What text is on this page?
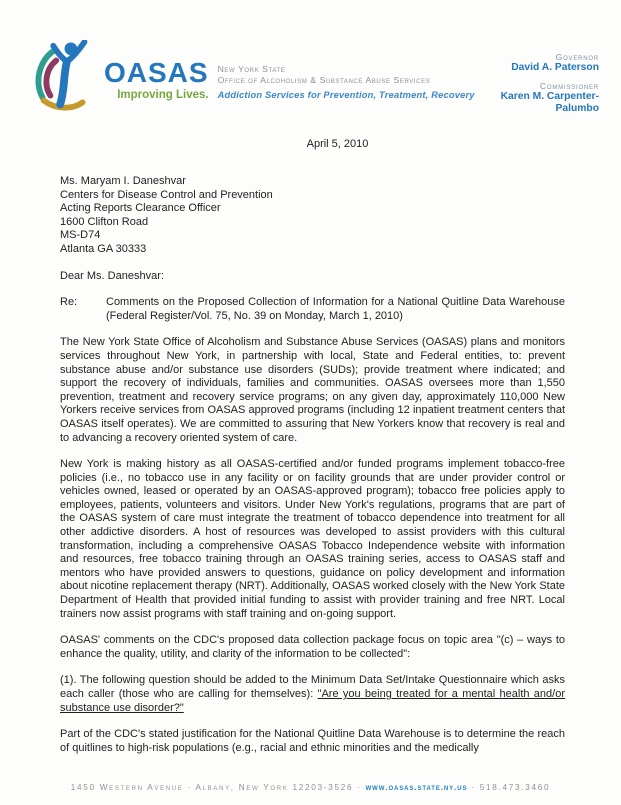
OASAS New York State
Office of Alcoholism & Substance Abuse Services
Improving Lives. Addiction Services for Prevention, Treatment, Recovery
Governor
David A. Paterson
Commissioner
Karen M. Carpenter-Palumbo
April 5, 2010
Ms. Maryam I. Daneshvar
Centers for Disease Control and Prevention
Acting Reports Clearance Officer
1600 Clifton Road
MS-D74
Atlanta GA 30333
Dear Ms. Daneshvar:
Re:	Comments on the Proposed Collection of Information for a National Quitline Data Warehouse (Federal Register/Vol. 75, No. 39 on Monday, March 1, 2010)

The New York State Office of Alcoholism and Substance Abuse Services (OASAS) plans and monitors services throughout New York, in partnership with local, State and Federal entities, to: prevent substance abuse and/or substance use disorders (SUDs); provide treatment where indicated; and support the recovery of individuals, families and communities. OASAS oversees more than 1,550 prevention, treatment and recovery service programs; on any given day, approximately 110,000 New Yorkers receive services from OASAS approved programs (including 12 inpatient treatment centers that OASAS itself operates). We are committed to assuring that New Yorkers know that recovery is real and to advancing a recovery oriented system of care.

New York is making history as all OASAS-certified and/or funded programs implement tobacco-free policies (i.e., no tobacco use in any facility or on facility grounds that are under provider control or vehicles owned, leased or operated by an OASAS-approved program); tobacco free policies apply to employees, patients, volunteers and visitors. Under New York's regulations, programs that are part of the OASAS system of care must integrate the treatment of tobacco dependence into treatment for all other addictive disorders. A host of resources was developed to assist providers with this cultural transformation, including a comprehensive OASAS Tobacco Independence website with information and resources, free tobacco training through an OASAS training series, access to OASAS staff and mentors who have provided answers to questions, guidance on policy development and information about nicotine replacement therapy (NRT). Additionally, OASAS worked closely with the New York State Department of Health that provided initial funding to assist with provider training and free NRT. Local trainers now assist programs with staff training and on-going support.

OASAS' comments on the CDC's proposed data collection package focus on topic area "(c) – ways to enhance the quality, utility, and clarity of the information to be collected":

(1). The following question should be added to the Minimum Data Set/Intake Questionnaire which asks each caller (those who are calling for themselves): "Are you being treated for a mental health and/or substance use disorder?"

Part of the CDC's stated justification for the National Quitline Data Warehouse is to determine the reach of quitlines to high-risk populations (e.g., racial and ethnic minorities and the medically

1450 Western Avenue · Albany, New York 12203-3526 · www.oasas.state.ny.us · 518.473.3460
